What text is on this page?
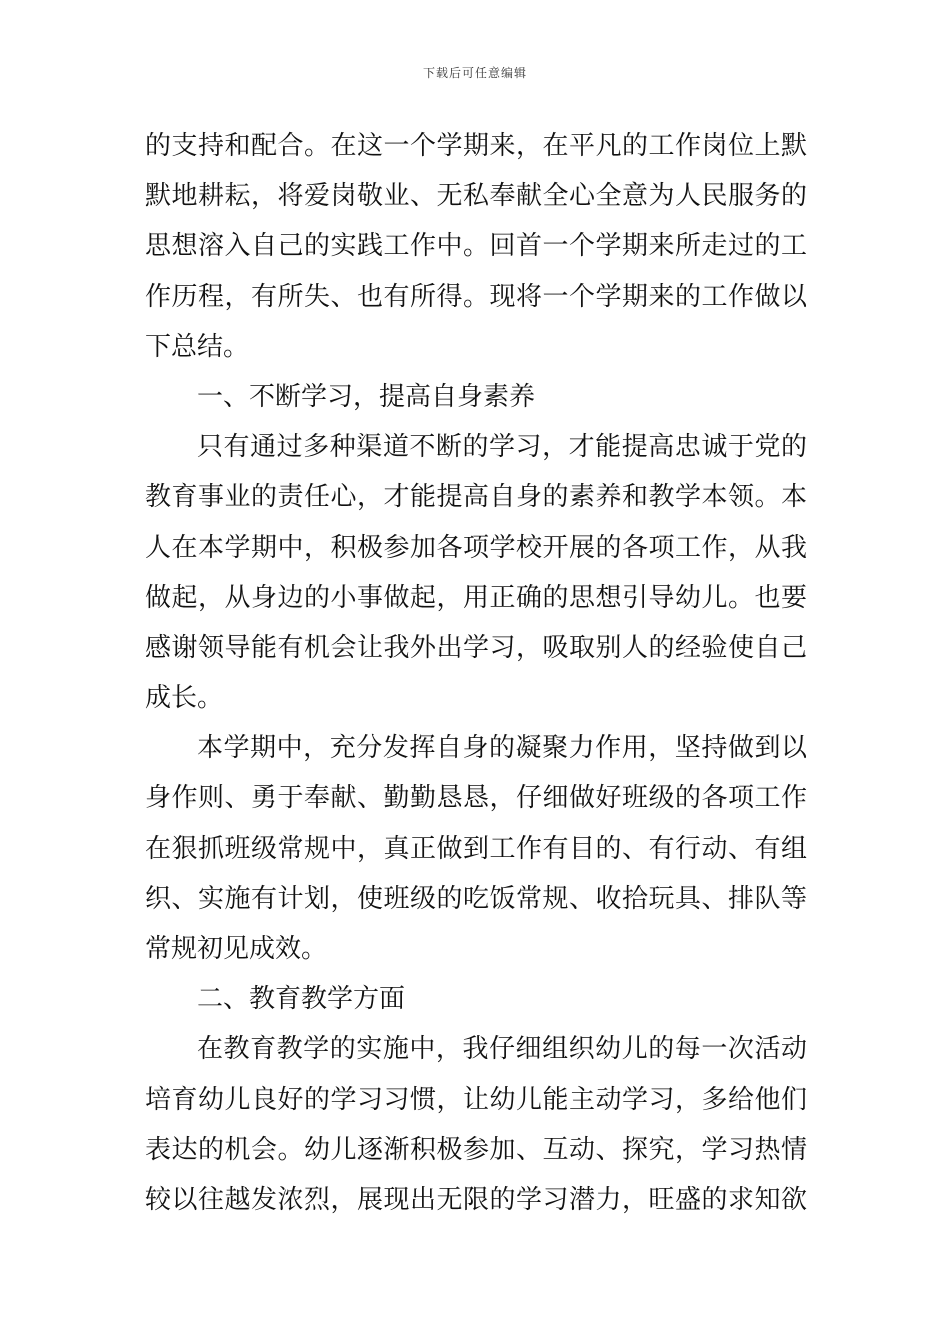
下载后可任意编辑
的支持和配合。在这一个学期来，在平凡的工作岗位上默
默地耕耘，将爱岗敬业、无私奉献全心全意为人民服务的
思想溶入自己的实践工作中。回首一个学期来所走过的工
作历程，有所失、也有所得。现将一个学期来的工作做以
下总结。
一、不断学习，提高自身素养
只有通过多种渠道不断的学习，才能提高忠诚于党的
教育事业的责任心，才能提高自身的素养和教学本领。本
人在本学期中，积极参加各项学校开展的各项工作，从我
做起，从身边的小事做起，用正确的思想引导幼儿。也要
感谢领导能有机会让我外出学习，吸取别人的经验使自己
成长。
本学期中，充分发挥自身的凝聚力作用，坚持做到以
身作则、勇于奉献、勤勤恳恳，仔细做好班级的各项工作
在狠抓班级常规中，真正做到工作有目的、有行动、有组
织、实施有计划，使班级的吃饭常规、收拾玩具、排队等
常规初见成效。
二、教育教学方面
在教育教学的实施中，我仔细组织幼儿的每一次活动
培育幼儿良好的学习习惯，让幼儿能主动学习，多给他们
表达的机会。幼儿逐渐积极参加、互动、探究，学习热情
较以往越发浓烈，展现出无限的学习潜力，旺盛的求知欲
